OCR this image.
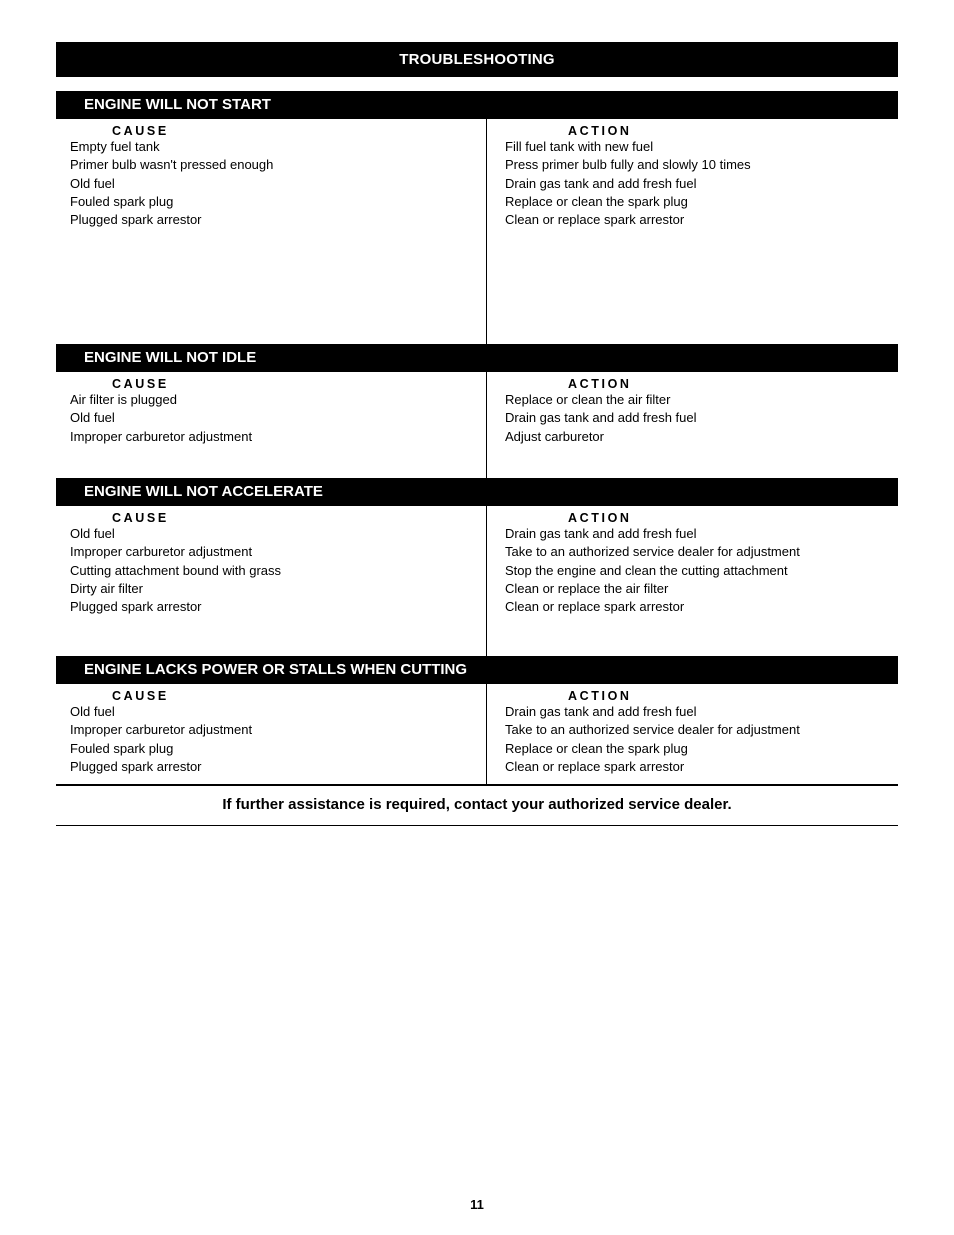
TROUBLESHOOTING
ENGINE WILL NOT START
CAUSE
Empty fuel tank
Primer bulb wasn't pressed enough
Old fuel
Fouled spark plug
Plugged spark arrestor
ACTION
Fill fuel tank with new fuel
Press primer bulb fully and slowly 10 times
Drain gas tank and add fresh fuel
Replace or clean the spark plug
Clean or replace spark arrestor
ENGINE WILL NOT IDLE
CAUSE
Air filter is plugged
Old fuel
Improper carburetor adjustment
ACTION
Replace or clean the air filter
Drain gas tank and add fresh fuel
Adjust carburetor
ENGINE WILL NOT ACCELERATE
CAUSE
Old fuel
Improper carburetor adjustment
Cutting attachment bound with grass
Dirty air filter
Plugged spark arrestor
ACTION
Drain gas tank and add fresh fuel
Take to an authorized service dealer for adjustment
Stop the engine and clean the cutting attachment
Clean or replace the air filter
Clean or replace spark arrestor
ENGINE LACKS POWER OR STALLS WHEN CUTTING
CAUSE
Old fuel
Improper carburetor adjustment
Fouled spark plug
Plugged spark arrestor
ACTION
Drain gas tank and add fresh fuel
Take to an authorized service dealer for adjustment
Replace or clean the spark plug
Clean or replace spark arrestor
If further assistance is required, contact your authorized service dealer.
11
